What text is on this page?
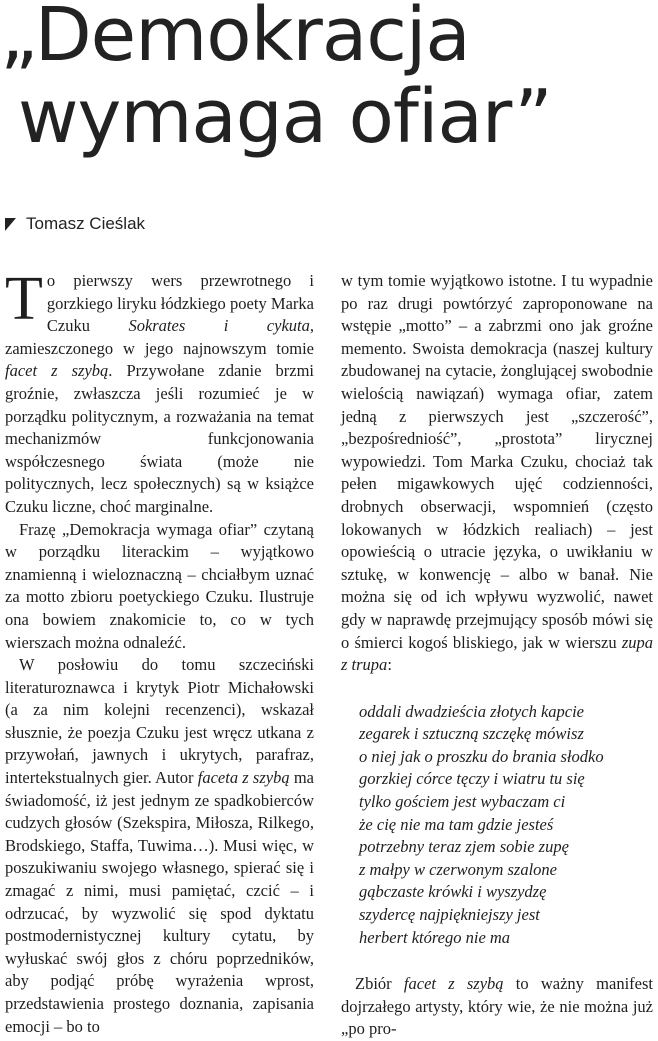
„Demokracja
wymaga ofiar”
Tomasz Cieślak

To pierwszy wers przewrotnego i gorzkiego liryku łódzkiego poety Marka Czuku Sokrates i cykuta, zamieszczonego w jego najnowszym tomie facet z szybą. Przywołane zdanie brzmi groźnie, zwłaszcza jeśli rozumieć je w porządku politycznym, a rozważania na temat mechanizmów funkcjonowania współczesnego świata (może nie politycznych, lecz społecznych) są w książce Czuku liczne, choć marginalne.

Frazę „Demokracja wymaga ofiar” czytaną w porządku literackim – wyjątkowo znamienną i wieloznaczną – chciałbym uznać za motto zbioru poetyckiego Czuku. Ilustruje ona bowiem znakomicie to, co w tych wierszach można odnaleźć.

W posłowiu do tomu szczeciński literaturoznawca i krytyk Piotr Michałowski (a za nim kolejni recenzenci), wskazał słusznie, że poezja Czuku jest wręcz utkana z przywołań, jawnych i ukrytych, parafraz, intertekstualnych gier. Autor faceta z szybą ma świadomość, iż jest jednym ze spadkobierców cudzych głosów (Szekspira, Miłosza, Rilkego, Brodskiego, Staffa, Tuwima…). Musi więc, w poszukiwaniu swojego własnego, spierać się i zmagać z nimi, musi pamiętać, czcić – i odrzucać, by wyzwolić się spod dyktatu postmodernistycznej kultury cytatu, by wyłuskać swój głos z chóru poprzedników, aby podjąć próbę wyrażenia wprost, przedstawienia prostego doznania, zapisania emocji – bo to

w tym tomie wyjątkowo istotne. I tu wypadnie po raz drugi powtórzyć zaproponowane na wstępie „motto” – a zabrzmi ono jak groźne memento. Swoista demokracja (naszej kultury zbudowanej na cytacie, żonglującej swobodnie wielością nawiązań) wymaga ofiar, zatem jedną z pierwszych jest „szczerość”, „bezpośredniość”, „prostota” lirycznej wypowiedzi. Tom Marka Czuku, chociaż tak pełen migawkowych ujęć codzienności, drobnych obserwacji, wspomnień (często lokowanych w łódzkich realiach) – jest opowieścią o utracie języka, o uwikłaniu w sztukę, w konwencję – albo w banał. Nie można się od ich wpływu wyzwolić, nawet gdy w naprawdę przejmujący sposób mówi się o śmierci kogoś bliskiego, jak w wierszu zupa z trupa:

oddali dwadzieścia złotych kapcie
zegarek i sztuczną szczękę mówisz
o niej jak o proszku do brania słodko
gorzkiej córce tęczy i wiatru tu się
tylko gościem jest wybaczam ci
że cię nie ma tam gdzie jesteś
potrzebny teraz zjem sobie zupę
z małpy w czerwonym szalone
gąbczaste krówki i wyszydzę
szydercę najpiękniejszy jest
herbert którego nie ma

Zbiór facet z szybą to ważny manifest dojrzałego artysty, który wie, że nie można już „po pro-
